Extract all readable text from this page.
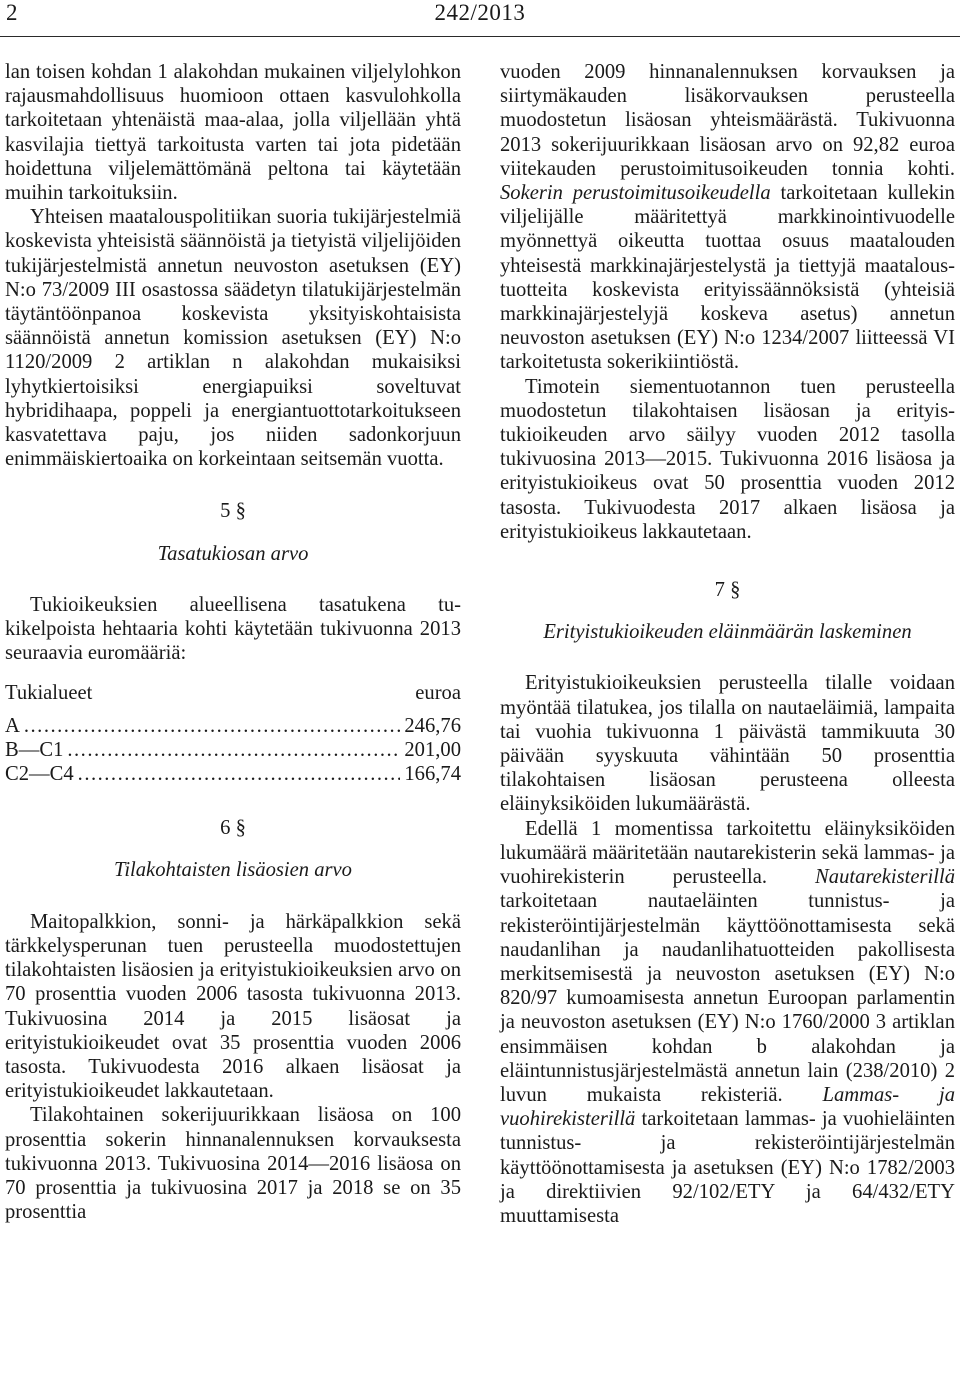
2	242/2013

lan toisen kohdan 1 alakohdan mukainen viljelylohkon rajausmahdollisuus huomioon ottaen kasvulohkolla tarkoitetaan yhtenäistä maa-alaa, jolla viljellään yhtä kasvilajia tiettyä tarkoitusta varten tai jota pidetään hoidettuna viljelemättömänä peltona tai käytetään muihin tarkoituksiin.

Yhteisen maatalouspolitiikan suoria tukijärjestelmiä koskevista yhteisistä säännöistä ja tietyistä viljelijöiden tukijärjestelmistä annetun neuvoston asetuksen (EY) N:o 73/2009 III osastossa säädetyn tilatukijärjestelmän täytäntöönpanoa koskevista yksityiskohtaisista säännöistä annetun komission asetuksen (EY) N:o 1120/2009 2 artiklan n alakohdan mukaisiksi lyhytkiertoisiksi energiapuiksi soveltuvat hybridihaapa, poppeli ja energiantuottotarkoitukseen kasvatettava paju, jos niiden sadonkorjuun enimmäiskiertoaika on korkeintaan seitsemän vuotta.

5 §

Tasatukiosan arvo

Tukioikeuksien alueellisena tasatukena tukikelpoista hehtaaria kohti käytetään tukivuonna 2013 seuraavia euromääriä:

Tukialueet	euroa
A .....	246,76
B—C1 .....	201,00
C2—C4 .....	166,74

6 §

Tilakohtaisten lisäosien arvo

Maitopalkkion, sonni- ja härkäpalkkion sekä tärkkelysperunan tuen perusteella muodostettujen tilakohtaisten lisäosien ja erityistukioikeuksien arvo on 70 prosenttia vuoden 2006 tasosta tukivuonna 2013. Tukivuosina 2014 ja 2015 lisäosat ja erityistukioikeudet ovat 35 prosenttia vuoden 2006 tasosta. Tukivuodesta 2016 alkaen lisäosat ja erityistukioikeudet lakkautetaan.

Tilakohtainen sokerijuurikkaan lisäosa on 100 prosenttia sokerin hinnanalennuksen korvauksesta tukivuonna 2013. Tukivuosina 2014—2016 lisäosa on 70 prosenttia ja tukivuosina 2017 ja 2018 se on 35 prosenttia

vuoden 2009 hinnanalennuksen korvauksen ja siirtymäkauden lisäkorvauksen perusteella muodostetun lisäosan yhteismäärästä. Tukivuonna 2013 sokerijuurikkaan lisäosan arvo on 92,82 euroa viitekauden perustoimitusoikeuden tonnia kohti. Sokerin perustoimitusoikeudella tarkoitetaan kullekin viljelijälle määritettyä markkinointivuodelle myönnettyä oikeutta tuottaa osuus maatalouden yhteisestä markkinajärjestelystä ja tiettyjä maataloustuotteita koskevista erityissäännöksistä (yhteisiä markkinajärjestelyjä koskeva asetus) annetun neuvoston asetuksen (EY) N:o 1234/2007 liitteessä VI tarkoitetusta sokerikiintiöstä.

Timotein siementuotannon tuen perusteella muodostetun tilakohtaisen lisäosan ja erityistukioikeuden arvo säilyy vuoden 2012 tasolla tukivuosina 2013—2015. Tukivuonna 2016 lisäosa ja erityistukioikeus ovat 50 prosenttia vuoden 2012 tasosta. Tukivuodesta 2017 alkaen lisäosa ja erityistukioikeus lakkautetaan.

7 §

Erityistukioikeuden eläinmäärän laskeminen

Erityistukioikeuksien perusteella tilalle voidaan myöntää tilatukea, jos tilalla on nautaeläimiä, lampaita tai vuohia tukivuonna 1 päivästä tammikuuta 30 päivään syyskuuta vähintään 50 prosenttia tilakohtaisen lisäosan perusteena olleesta eläinyksiköiden lukumäärästä.

Edellä 1 momentissa tarkoitettu eläinyksiköiden lukumäärä määritetään nautarekisterin sekä lammas- ja vuohirekisterin perusteella. Nautarekisterillä tarkoitetaan nautaeläinten tunnistus- ja rekisteröintijärjestelmän käyttöönottamisesta sekä naudanlihan ja naudanlihatuotteiden pakollisesta merkitsemisestä ja neuvoston asetuksen (EY) N:o 820/97 kumoamisesta annetun Euroopan parlamentin ja neuvoston asetuksen (EY) N:o 1760/2000 3 artiklan ensimmäisen kohdan b alakohdan ja eläintunnistusjärjestelmästä annetun lain (238/2010) 2 luvun mukaista rekisteriä. Lammas- ja vuohirekisterillä tarkoitetaan lammas- ja vuohieläinten tunnistus- ja rekisteröintijärjestelmän käyttöönottamisesta ja asetuksen (EY) N:o 1782/2003 ja direktiivien 92/102/ETY ja 64/432/ETY muuttamisesta
